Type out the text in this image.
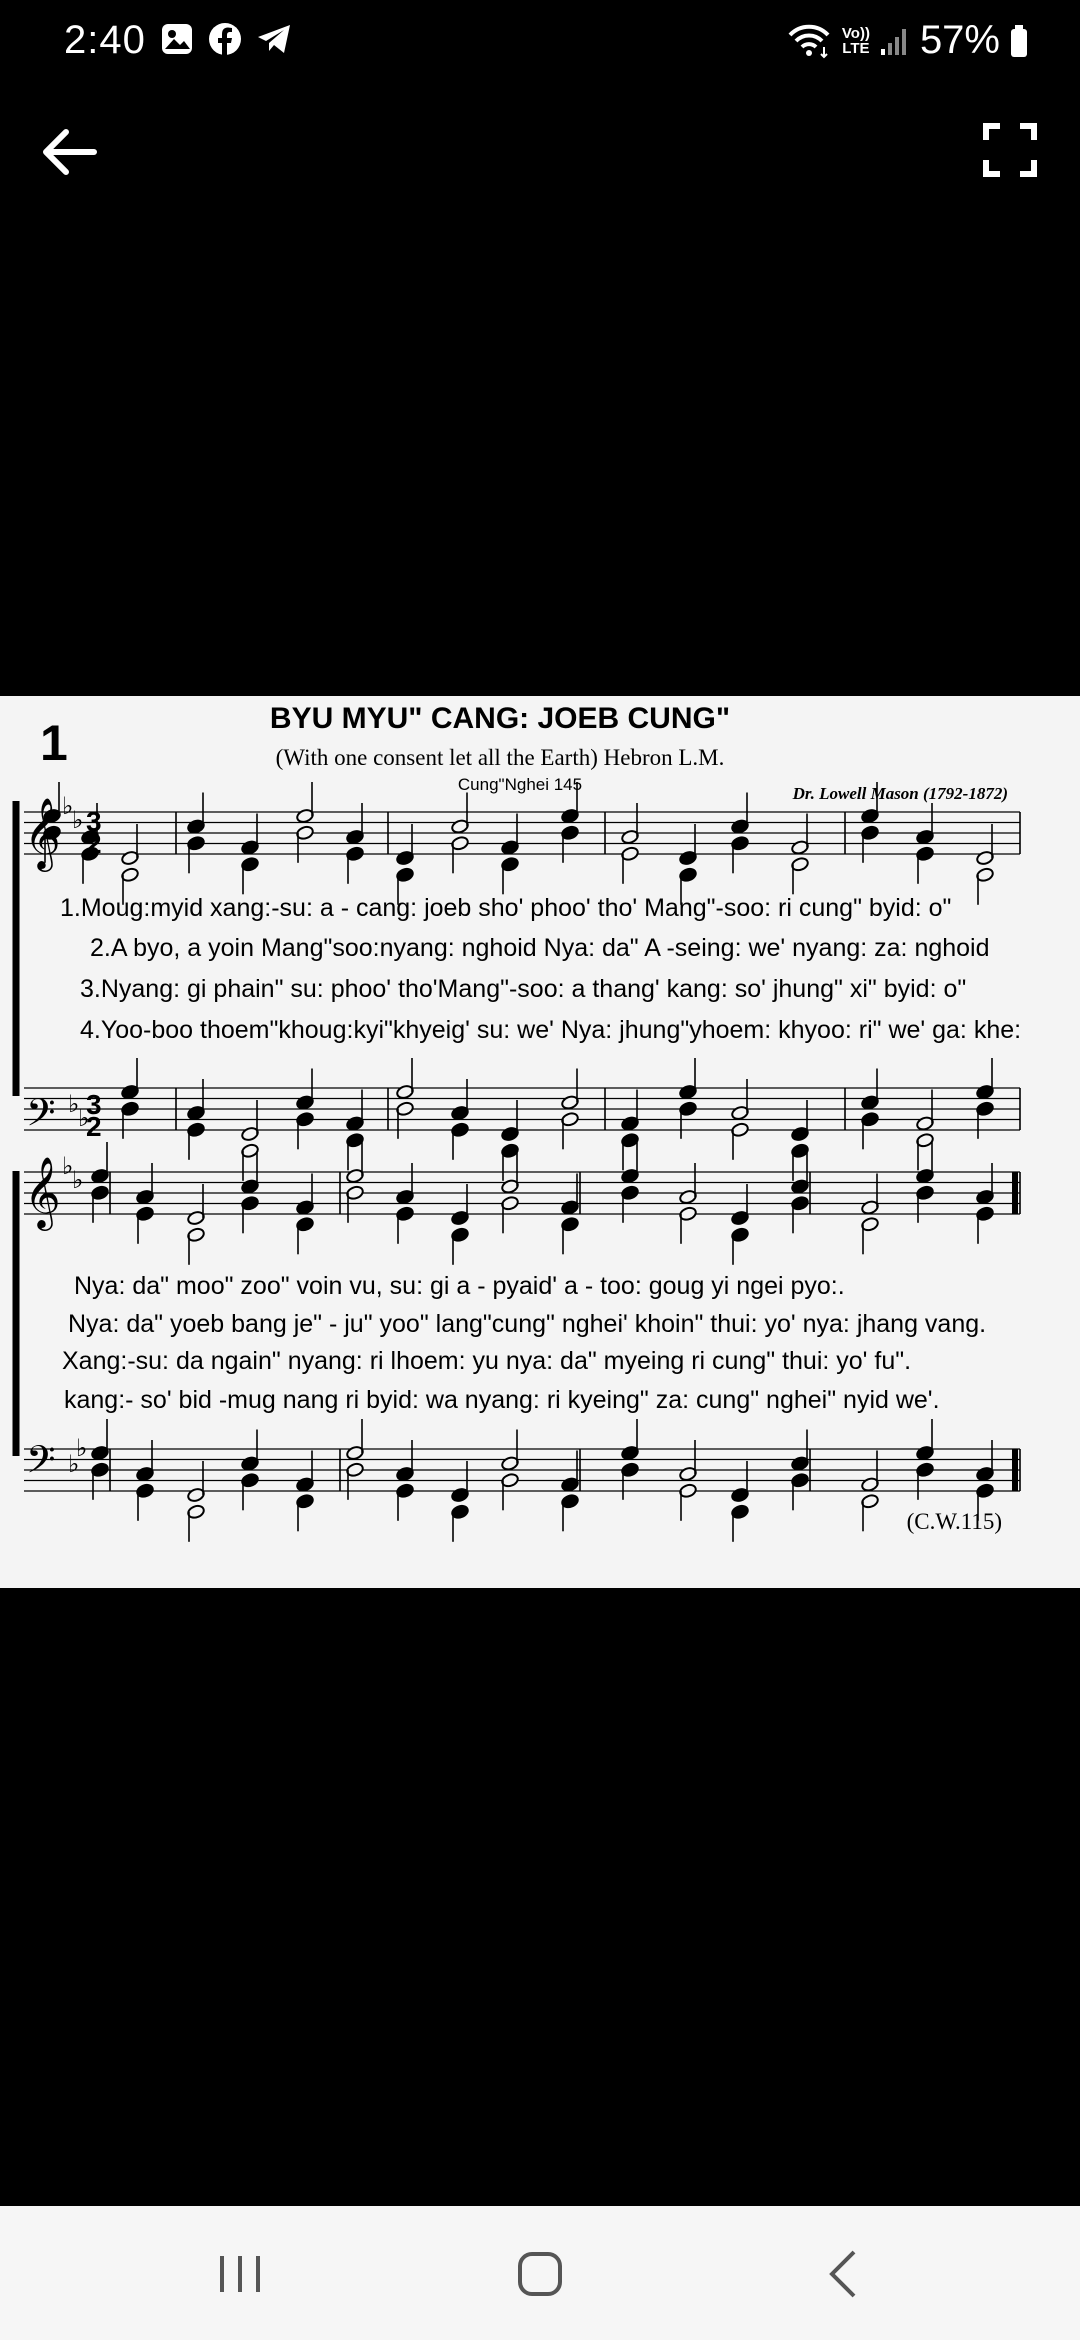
2:40	Vo))
LTE 57%
1	BYU MYU" CANG: JOEB CUNG"
(With one consent let all the Earth) Hebron L.M.
Cung"Nghei 145	Dr. Lowell Mason (1792-1872)
𝄞
𝄞
𝄢
𝄢
♭
♭
♭
♭
♭
♭
♭
♭
3
2
3
2
1.Moug:myid xang:-su: a - cang: joeb sho' phoo' tho' Mang"-soo: ri cung" byid: o"
2.A byo, a yoin Mang"soo:nyang: nghoid Nya: da" A -seing: we' nyang: za: nghoid
3.Nyang: gi phain" su: phoo' tho'Mang"-soo: a thang' kang: so' jhung" xi" byid: o"
4.Yoo-boo thoem"khoug:kyi"khyeig' su: we' Nya: jhung"yhoem: khyoo: ri" we' ga: khe:
Nya: da" moo" zoo" voin vu, su: gi a - pyaid' a - too: goug yi ngei pyo:.
Nya: da" yoeb bang je" - ju" yoo" lang"cung" nghei' khoin" thui: yo' nya: jhang vang.
Xang:-su: da ngain" nyang: ri lhoem: yu nya: da" myeing ri cung" thui: yo' fu".
kang:- so' bid -mug nang ri byid: wa nyang: ri kyeing" za: cung" nghei" nyid we'.
(C.W.115)
